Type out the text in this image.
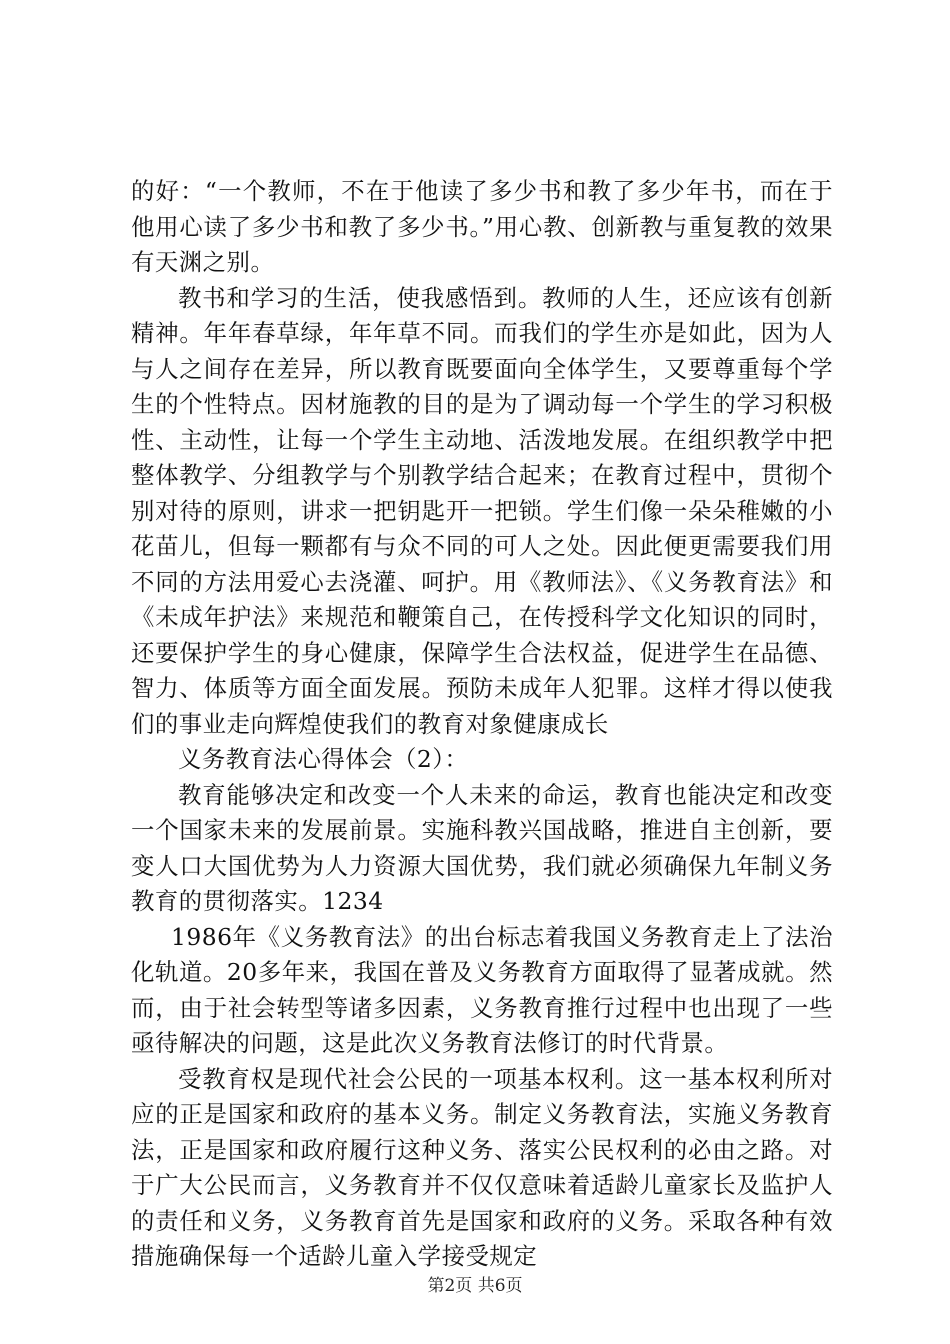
的好：“一个教师，不在于他读了多少书和教了多少年书，而在于他用心读了多少书和教了多少书。”用心教、创新教与重复教的效果有天渊之别。

教书和学习的生活，使我感悟到。教师的人生，还应该有创新精神。年年春草绿，年年草不同。而我们的学生亦是如此，因为人与人之间存在差异，所以教育既要面向全体学生，又要尊重每个学生的个性特点。因材施教的目的是为了调动每一个学生的学习积极性、主动性，让每一个学生主动地、活泼地发展。在组织教学中把整体教学、分组教学与个别教学结合起来；在教育过程中，贯彻个别对待的原则，讲求一把钥匙开一把锁。学生们像一朵朵稚嫩的小花苗儿，但每一颗都有与众不同的可人之处。因此便更需要我们用不同的方法用爱心去浇灌、呵护。用《教师法》、《义务教育法》和《未成年护法》来规范和鞭策自己，在传授科学文化知识的同时，还要保护学生的身心健康，保障学生合法权益，促进学生在品德、智力、体质等方面全面发展。预防未成年人犯罪。这样才得以使我们的事业走向辉煌使我们的教育对象健康成长

义务教育法心得体会（2）：

教育能够决定和改变一个人未来的命运，教育也能决定和改变一个国家未来的发展前景。实施科教兴国战略，推进自主创新，要变人口大国优势为人力资源大国优势，我们就必须确保九年制义务教育的贯彻落实。1234

1986年《义务教育法》的出台标志着我国义务教育走上了法治化轨道。20多年来，我国在普及义务教育方面取得了显著成就。然而，由于社会转型等诸多因素，义务教育推行过程中也出现了一些亟待解决的问题，这是此次义务教育法修订的时代背景。

受教育权是现代社会公民的一项基本权利。这一基本权利所对应的正是国家和政府的基本义务。制定义务教育法，实施义务教育法，正是国家和政府履行这种义务、落实公民权利的必由之路。对于广大公民而言，义务教育并不仅仅意味着适龄儿童家长及监护人的责任和义务，义务教育首先是国家和政府的义务。采取各种有效措施确保每一个适龄儿童入学接受规定

第2页 共6页
